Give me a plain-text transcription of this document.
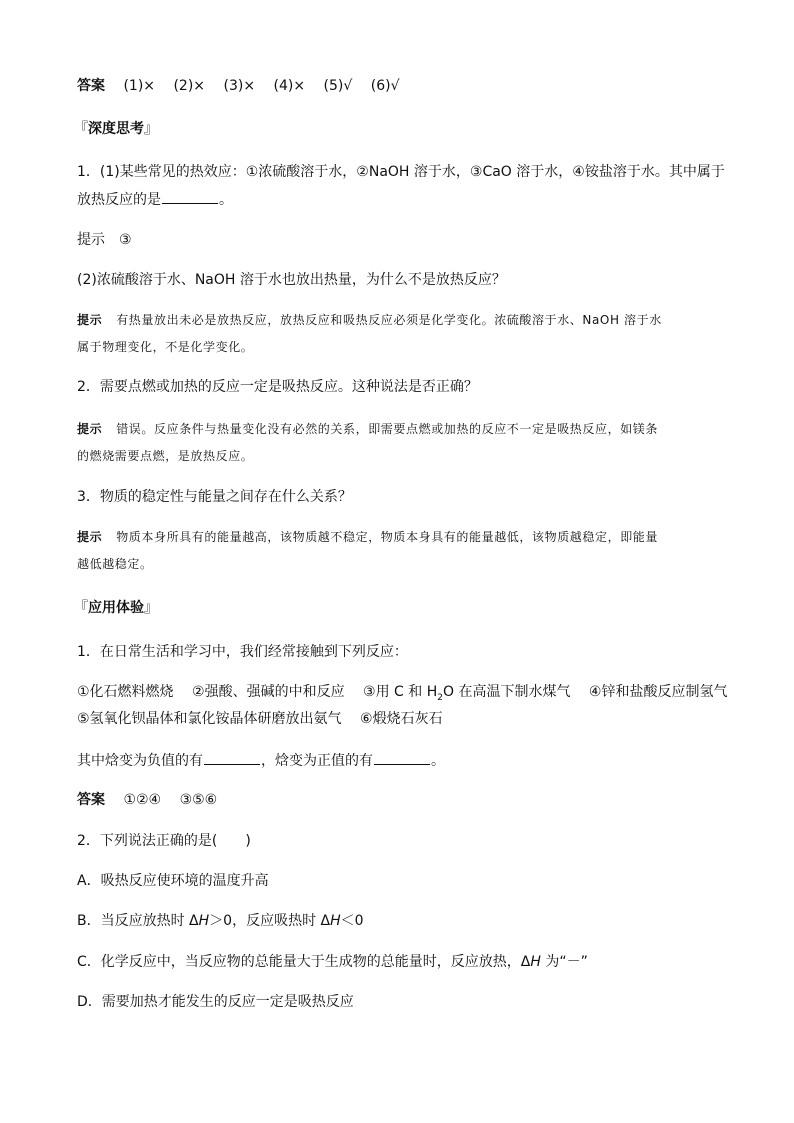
答案 (1)× (2)× (3)× (4)× (5)√ (6)√
『深度思考』
1．(1)某些常见的热效应：①浓硫酸溶于水，②NaOH 溶于水，③CaO 溶于水，④铵盐溶于水。其中属于
放热反应的是	。
提示 ③
(2)浓硫酸溶于水、NaOH 溶于水也放出热量，为什么不是放热反应？
提示 有热量放出未必是放热反应，放热反应和吸热反应必须是化学变化。浓硫酸溶于水、NaOH 溶于水
属于物理变化，不是化学变化。
2．需要点燃或加热的反应一定是吸热反应。这种说法是否正确？
提示 错误。反应条件与热量变化没有必然的关系，即需要点燃或加热的反应不一定是吸热反应，如镁条
的燃烧需要点燃，是放热反应。
3．物质的稳定性与能量之间存在什么关系？
提示 物质本身所具有的能量越高，该物质越不稳定，物质本身具有的能量越低，该物质越稳定，即能量
越低越稳定。
『应用体验』
1．在日常生活和学习中，我们经常接触到下列反应：
①化石燃料燃烧 ②强酸、强碱的中和反应 ③用 C 和 $H_2O$ 在高温下制水煤气 ④锌和盐酸反应制氢气
⑤氢氧化钡晶体和氯化铵晶体研磨放出氨气 ⑥煅烧石灰石
其中焓变为负值的有	，焓变为正值的有	。
答案 ①②④ ③⑤⑥
2．下列说法正确的是(　　)
A．吸热反应使环境的温度升高
B．当反应放热时 ΔH＞0，反应吸热时 ΔH＜0
C．化学反应中，当反应物的总能量大于生成物的总能量时，反应放热，ΔH 为“－”
D．需要加热才能发生的反应一定是吸热反应
